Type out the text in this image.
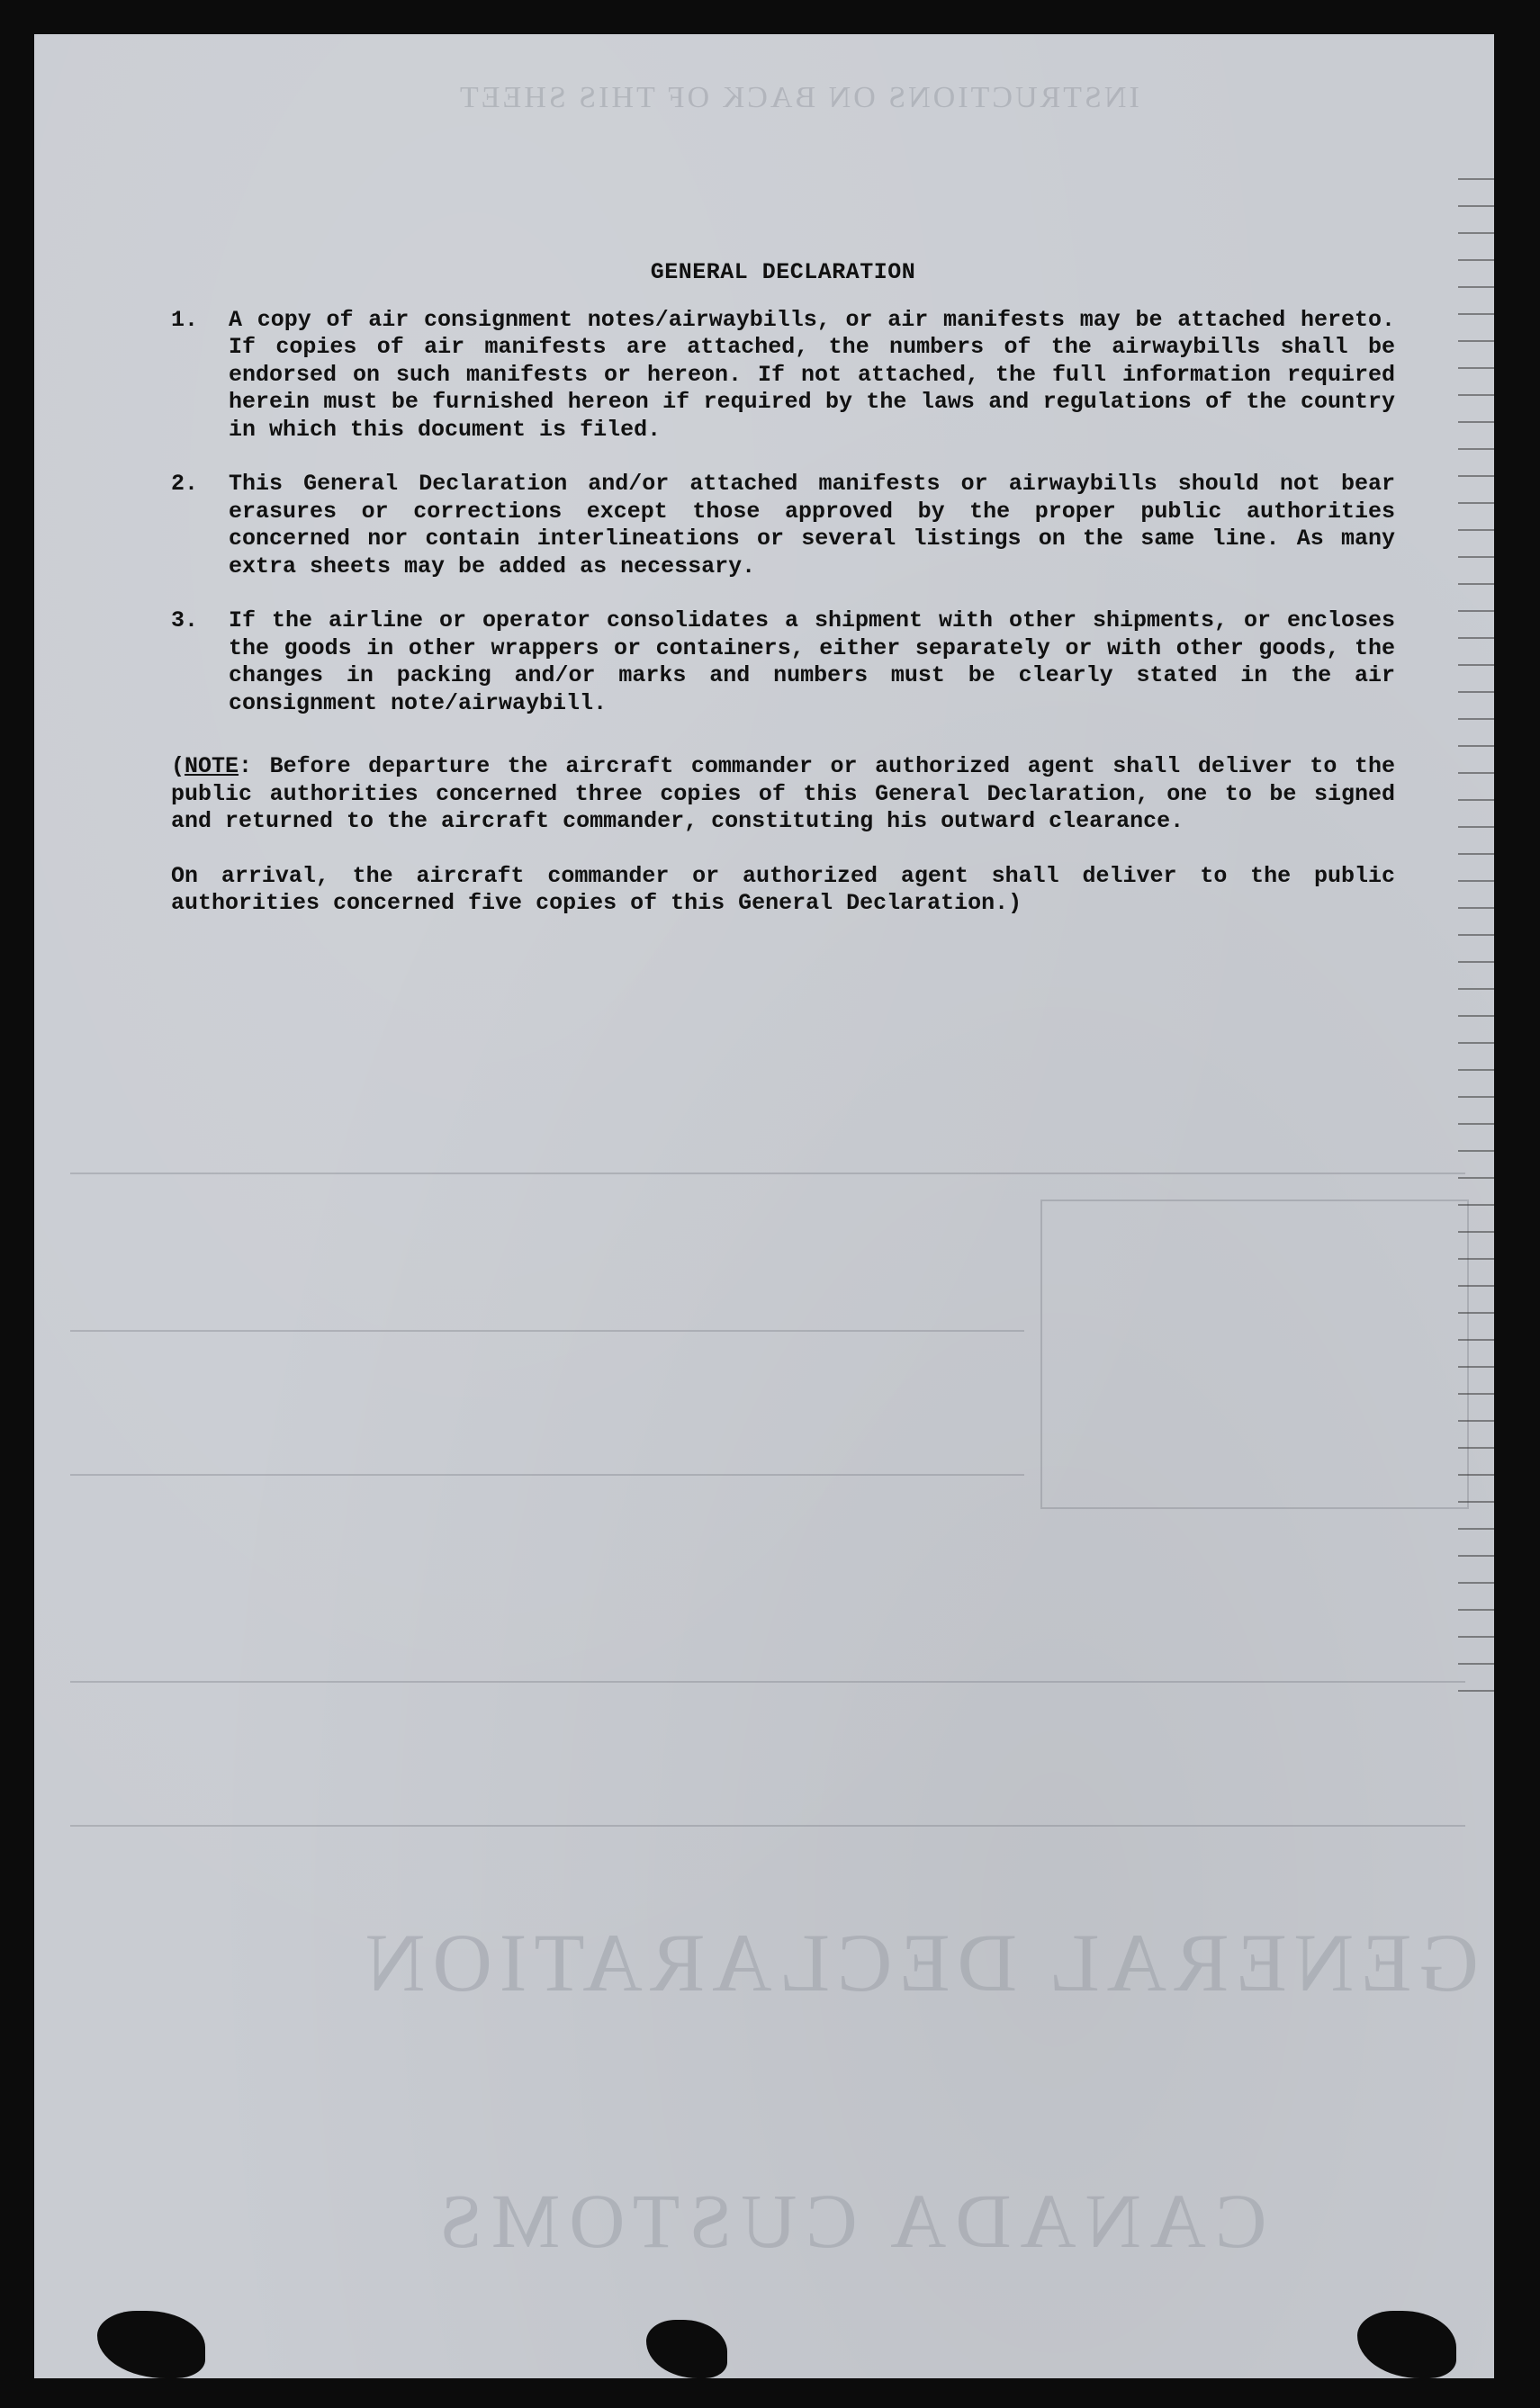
INSTRUCTIONS ON BACK OF THIS SHEET
GENERAL DECLARATION
CANADA CUSTOMS
GENERAL DECLARATION
1.	A copy of air consignment notes/airwaybills, or air manifests may be attached hereto. If copies of air manifests are attached, the numbers of the airwaybills shall be endorsed on such manifests or hereon. If not attached, the full information required herein must be furnished hereon if required by the laws and regulations of the country in which this document is filed.
2.	This General Declaration and/or attached manifests or airwaybills should not bear erasures or corrections except those approved by the proper public authorities concerned nor contain interlineations or several listings on the same line. As many extra sheets may be added as necessary.
3.	If the airline or operator consolidates a shipment with other shipments, or encloses the goods in other wrappers or containers, either separately or with other goods, the changes in packing and/or marks and numbers must be clearly stated in the air consignment note/airwaybill.
(NOTE: Before departure the aircraft commander or authorized agent shall deliver to the public authorities concerned three copies of this General Declaration, one to be signed and returned to the aircraft commander, constituting his outward clearance.
On arrival, the aircraft commander or authorized agent shall deliver to the public authorities concerned five copies of this General Declaration.)
